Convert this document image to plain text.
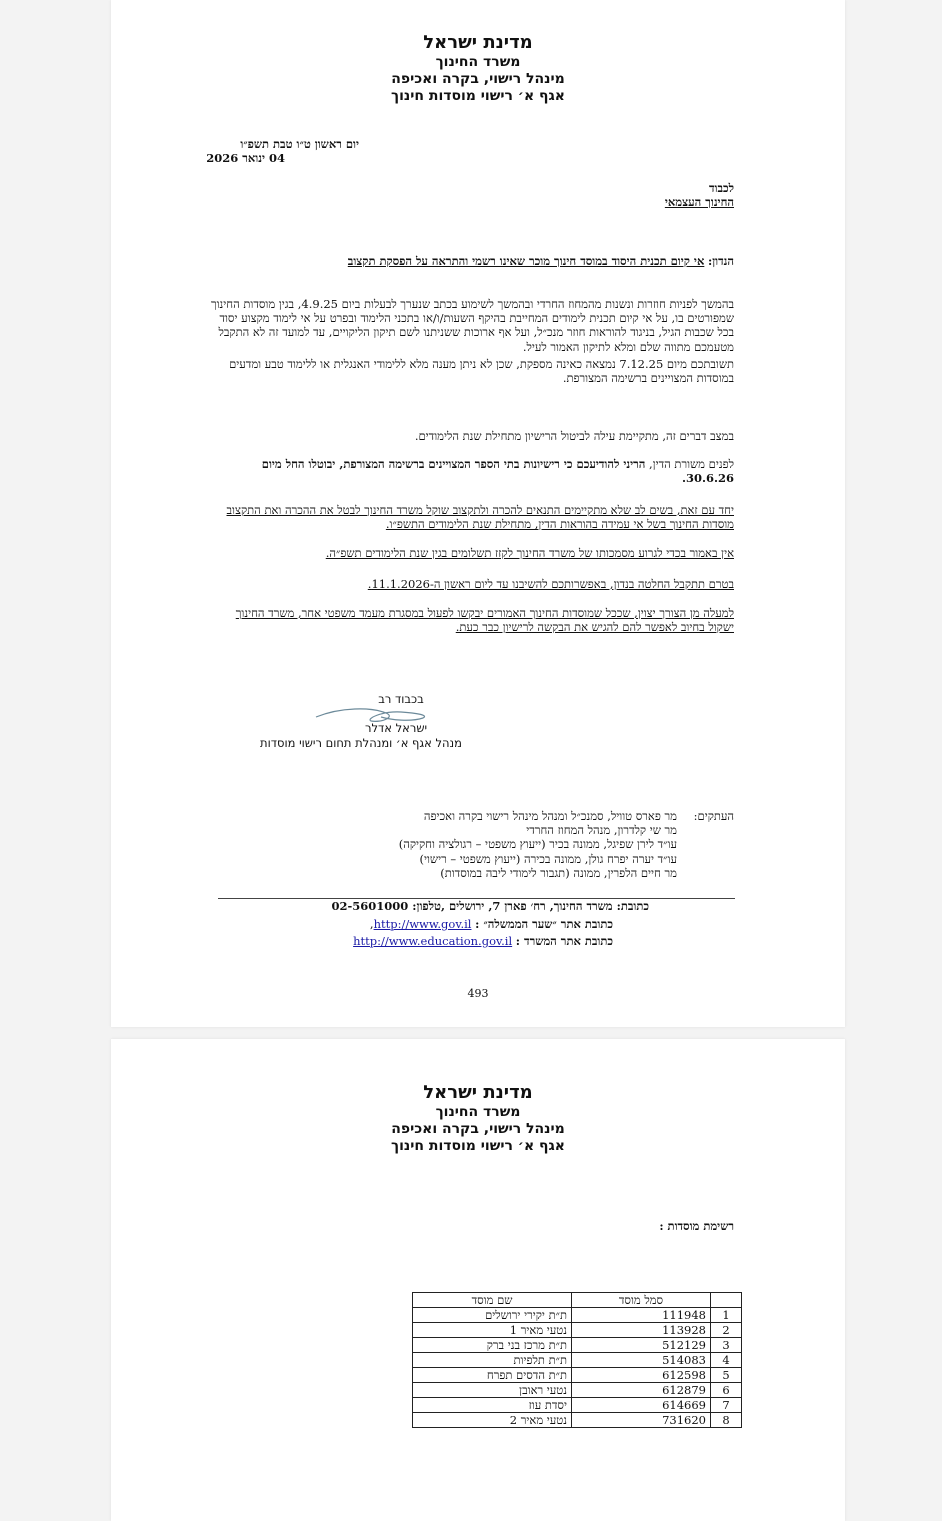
מדינת ישראל
משרד החינוך
מינהל רישוי, בקרה ואכיפה
אגף א׳ רישוי מוסדות חינוך
יום ראשון ט״ו טבת תשפ״ו
04 ינואר 2026
לכבוד
החינוך העצמאי
הנדון: אי קיום תכנית היסוד במוסד חינוך מוכר שאינו רשמי והתראה על הפסקת תקצוב
בהמשך לפניות חוזרות ונשנות מהמחוז החרדי ובהמשך לשימוע בכתב שנערך לבעלות ביום 4.9.25, בגין מוסדות החינוך שמפורטים בו, על אי קיום תכנית לימודים המחייבת בהיקף השעות/ו/או בתכני הלימוד ובפרט על אי לימוד מקצוע יסוד בכל שכבות הגיל, בניגוד להוראות חוזר מנכ״ל, ועל אף ארוכות ששניתנו לשם תיקון הליקויים, עד למועד זה לא התקבל מטעמכם מתווה שלם ומלא לתיקון האמור לעיל.
תשובתכם מיום 7.12.25 נמצאה כאינה מספקת, שכן לא ניתן מענה מלא ללימודי האנגלית או ללימוד טבע ומדעים במוסדות המצויינים ברשימה המצורפת.
במצב דברים זה, מתקיימת עילה לביטול הרישיון מתחילת שנת הלימודים.
לפנים משורת הדין, הריני להודיעכם כי רישיונות בתי הספר המצויינים ברשימה המצורפת, יבוטלו החל מיום 30.6.26.
יחד עם זאת, בשים לב שלא מתקיימים התנאים להכרה ולתקצוב שוקל משרד החינוך לבטל את ההכרה ואת התקצוב מוסדות החינוך בשל אי עמידה בהוראות הדין, מתחילת שנת הלימודים התשפ״ו.
אין באמור בכדי לגרוע מסמכותו של משרד החינוך לקזז תשלומים בגין שנת הלימודים תשפ״ה.
בטרם תתקבל החלטה בנדון, באפשרותכם להשיבנו עד ליום ראשון ה-11.1.2026.
למעלה מן הצורך יצוין, שככל שמוסדות החינוך האמורים יבקשו לפעול במסגרת מעמד משפטי אחר, משרד החינוך ישקול בחיוב לאפשר להם להגיש את הבקשה לרישיון כבר כעת.
בכבוד רב
ישראל אדלר
מנהל אגף א׳ ומנהלת תחום רישוי מוסדות
העתקים:
מר פארס טוויל, סמנכ״ל ומנהל מינהל רישוי בקרה ואכיפה
מר שי קלדרון, מנהל המחוז החרדי
עו״ד לירן שפיגל, ממונה בכיר (ייעוץ משפטי – רגולציה וחקיקה)
עו״ד יערה יפרח גולן, ממונה בכירה (ייעוץ משפטי – רישוי)
מר חיים הלפרין, ממונה (תגבור לימודי ליבה במוסדות)
כתובת: משרד החינוך, רח׳ פארן 7, ירושלים ,טלפון: 02-5601000
כתובת אתר ״שער הממשלה״ : http://www.gov.il,
כתובת אתר המשרד : http://www.education.gov.il
493
מדינת ישראל
משרד החינוך
מינהל רישוי, בקרה ואכיפה
אגף א׳ רישוי מוסדות חינוך
רשימת מוסדות :
	סמל מוסד	שם מוסד
1	111948	ת״ת יקירי ירושלים
2	113928	נטעי מאיר 1
3	512129	ת״ת מרכז בני ברק
4	514083	ת״ת תלפיות
5	612598	ת״ת הדסים תפרח
6	612879	נטעי ראובן
7	614669	יסדת עוז
8	731620	נטעי מאיר 2
